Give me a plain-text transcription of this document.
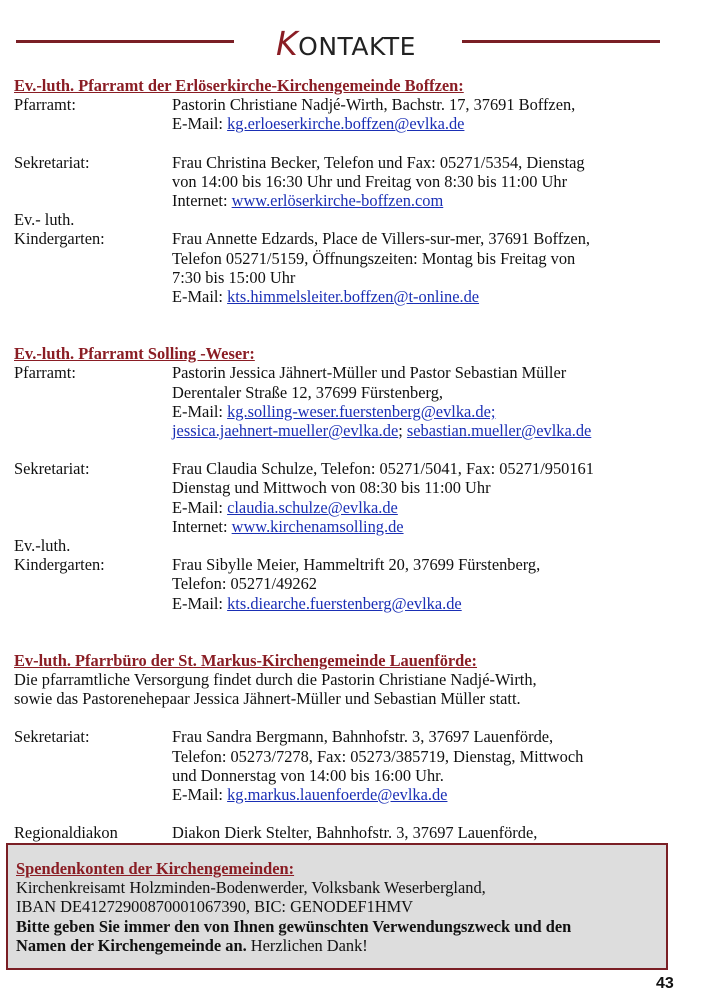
KONTAKTE
Ev.-luth. Pfarramt der Erlöserkirche-Kirchengemeinde Boffzen:
Pfarramt:	Pastorin Christiane Nadjé-Wirth, Bachstr. 17, 37691 Boffzen,
E-Mail: kg.erloeserkirche.boffzen@evlka.de
Sekretariat:	Frau Christina Becker, Telefon und Fax: 05271/5354, Dienstag
von 14:00 bis 16:30 Uhr und Freitag von 8:30 bis 11:00 Uhr
Internet: www.erlöserkirche-boffzen.com
Ev.- luth.
Kindergarten:	Frau Annette Edzards, Place de Villers-sur-mer, 37691 Boffzen,
Telefon 05271/5159, Öffnungszeiten: Montag bis Freitag von
7:30 bis 15:00 Uhr
E-Mail: kts.himmelsleiter.boffzen@t-online.de
Ev.-luth. Pfarramt Solling -Weser:
Pfarramt:	Pastorin Jessica Jähnert-Müller und Pastor Sebastian Müller
Derentaler Straße 12, 37699 Fürstenberg,
E-Mail: kg.solling-weser.fuerstenberg@evlka.de;
jessica.jaehnert-mueller@evlka.de; sebastian.mueller@evlka.de
Sekretariat:	Frau Claudia Schulze, Telefon: 05271/5041, Fax: 05271/950161
Dienstag und Mittwoch von 08:30 bis 11:00 Uhr
E-Mail: claudia.schulze@evlka.de
Internet: www.kirchenamsolling.de
Ev.-luth.
Kindergarten:	Frau Sibylle Meier, Hammeltrift 20, 37699 Fürstenberg,
Telefon: 05271/49262
E-Mail: kts.diearche.fuerstenberg@evlka.de
Ev-luth. Pfarrbüro der St. Markus-Kirchengemeinde Lauenförde:
Die pfarramtliche Versorgung findet durch die Pastorin Christiane Nadjé-Wirth,
sowie das Pastorenehepaar Jessica Jähnert-Müller und Sebastian Müller statt.
Sekretariat:	Frau Sandra Bergmann, Bahnhofstr. 3, 37697 Lauenförde,
Telefon: 05273/7278, Fax: 05273/385719, Dienstag, Mittwoch
und Donnerstag von 14:00 bis 16:00 Uhr.
E-Mail: kg.markus.lauenfoerde@evlka.de
Regionaldiakon	Diakon Dierk Stelter, Bahnhofstr. 3, 37697 Lauenförde,
Spendenkonten der Kirchengemeinden:
Kirchenkreisamt Holzminden-Bodenwerder, Volksbank Weserbergland,
IBAN DE41272900870001067390, BIC: GENODEF1HMV
Bitte geben Sie immer den von Ihnen gewünschten Verwendungszweck und den
Namen der Kirchengemeinde an. Herzlichen Dank!
43
